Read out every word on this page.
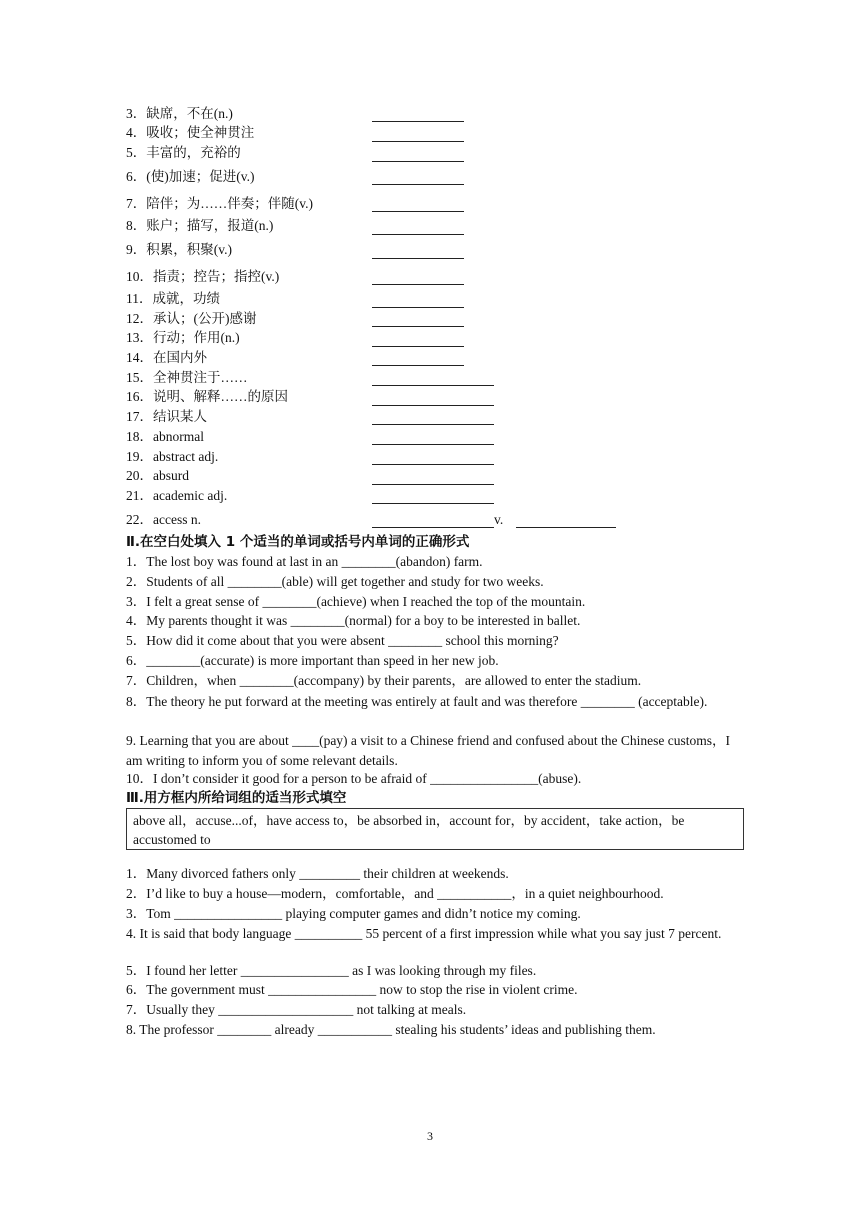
3．缺席，不在(n.)
4．吸收；使全神贯注
5．丰富的，充裕的
6．(使)加速；促进(v.)
7．陪伴；为……伴奏；伴随(v.)
8．账户；描写，报道(n.)
9．积累，积聚(v.)
10．指责；控告；指控(v.)
11．成就，功绩
12．承认；(公开)感谢
13．行动；作用(n.)
14．在国内外
15．全神贯注于……
16．说明、解释……的原因
17．结识某人
18．abnormal
19．abstract adj.
20．absurd
21．academic adj.
22．access n.	v.
Ⅱ.在空白处填入 1 个适当的单词或括号内单词的正确形式
1．The lost boy was found at last in an ________(abandon) farm.
2．Students of all ________(able) will get together and study for two weeks.
3．I felt a great sense of ________(achieve) when I reached the top of the mountain.
4．My parents thought it was ________(normal) for a boy to be interested in ballet.
5．How did it come about that you were absent ________ school this morning?
6．________(accurate) is more important than speed in her new job.
7．Children，when ________(accompany) by their parents，are allowed to enter the stadium.
8．The theory he put forward at the meeting was entirely at fault and was therefore ________ (acceptable).
9. Learning that you are about ____(pay) a visit to a Chinese friend and confused about the Chinese customs，I am writing to inform you of some relevant details.
10．I don’t consider it good for a person to be afraid of ________________(abuse).
Ⅲ.用方框内所给词组的适当形式填空
above all，accuse...of，have access to，be absorbed in，account for，by accident，take action，be accustomed to
1．Many divorced fathers only _________ their children at weekends.
2．I’d like to buy a house—modern，comfortable，and ___________，in a quiet neighbourhood.
3．Tom ________________ playing computer games and didn’t notice my coming.
4. It is said that body language __________ 55 percent of a first impression while what you say just 7 percent.
5．I found her letter ________________ as I was looking through my files.
6．The government must ________________ now to stop the rise in violent crime.
7．Usually they ____________________ not talking at meals.
8. The professor ________ already ___________ stealing his students’ ideas and publishing them.
3
